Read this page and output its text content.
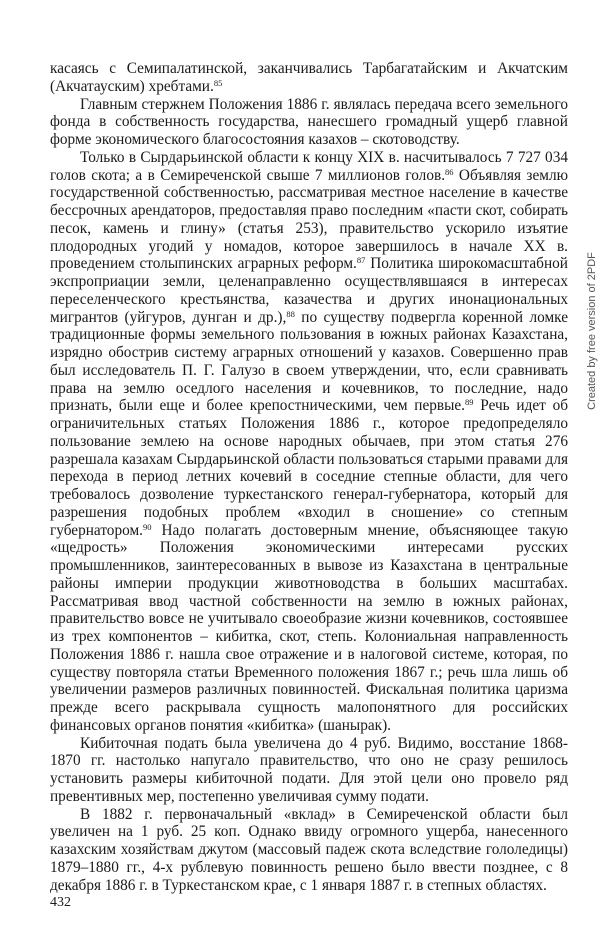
касаясь с Семипалатинской, заканчивались Тарбагатайским и Акчатским (Акчатауским) хребтами.$^{85}$

Главным стержнем Положения 1886 г. являлась передача всего земельного фонда в собственность государства, нанесшего громадный ущерб главной форме экономического благосостояния казахов – скотоводству.

Только в Сырдарьинской области к концу XIX в. насчитывалось 7 727 034 голов скота; а в Семиреченской свыше 7 миллионов голов.$^{86}$ Объявляя землю государственной собственностью, рассматривая местное население в качестве бессрочных арендаторов, предоставляя право последним «пасти скот, собирать песок, камень и глину» (статья 253), правительство ускорило изъятие плодородных угодий у номадов, которое завершилось в начале XX в. проведением столыпинских аграрных реформ.$^{87}$ Политика широкомасштабной экспроприации земли, целенаправленно осуществлявшаяся в интересах переселенческого крестьянства, казачества и других инонациональных мигрантов (уйгуров, дунган и др.),$^{88}$ по существу подвергла коренной ломке традиционные формы земельного пользования в южных районах Казахстана, изрядно обострив систему аграрных отношений у казахов. Совершенно прав был исследователь П. Г. Галузо в своем утверждении, что, если сравнивать права на землю оседлого населения и кочевников, то последние, надо признать, были еще и более крепостническими, чем первые.$^{89}$ Речь идет об ограничительных статьях Положения 1886 г., которое предопределяло пользование землею на основе народных обычаев, при этом статья 276 разрешала казахам Сырдарьинской области пользоваться старыми правами для перехода в период летних кочевий в соседние степные области, для чего требовалось дозволение туркестанского генерал-губернатора, который для разрешения подобных проблем «входил в сношение» со степным губернатором.$^{90}$ Надо полагать достоверным мнение, объясняющее такую «щедрость» Положения экономическими интересами русских промышленников, заинтересованных в вывозе из Казахстана в центральные районы империи продукции животноводства в больших масштабах. Рассматривая ввод частной собственности на землю в южных районах, правительство вовсе не учитывало своеобразие жизни кочевников, состоявшее из трех компонентов – кибитка, скот, степь. Колониальная направленность Положения 1886 г. нашла свое отражение и в налоговой системе, которая, по существу повторяла статьи Временного положения 1867 г.; речь шла лишь об увеличении размеров различных повинностей. Фискальная политика царизма прежде всего раскрывала сущность малопонятного для российских финансовых органов понятия «кибитка» (шанырак).

Кибиточная подать была увеличена до 4 руб. Видимо, восстание 1868-1870 гг. настолько напугало правительство, что оно не сразу решилось установить размеры кибиточной подати. Для этой цели оно провело ряд превентивных мер, постепенно увеличивая сумму подати.

В 1882 г. первоначальный «вклад» в Семиреченской области был увеличен на 1 руб. 25 коп. Однако ввиду огромного ущерба, нанесенного казахским хозяйствам джутом (массовый падеж скота вследствие гололедицы) 1879–1880 гг., 4-х рублевую повинность решено было ввести позднее, с 8 декабря 1886 г. в Туркестанском крае, с 1 января 1887 г. в степных областях.

432
Created by free version of 2PDF
